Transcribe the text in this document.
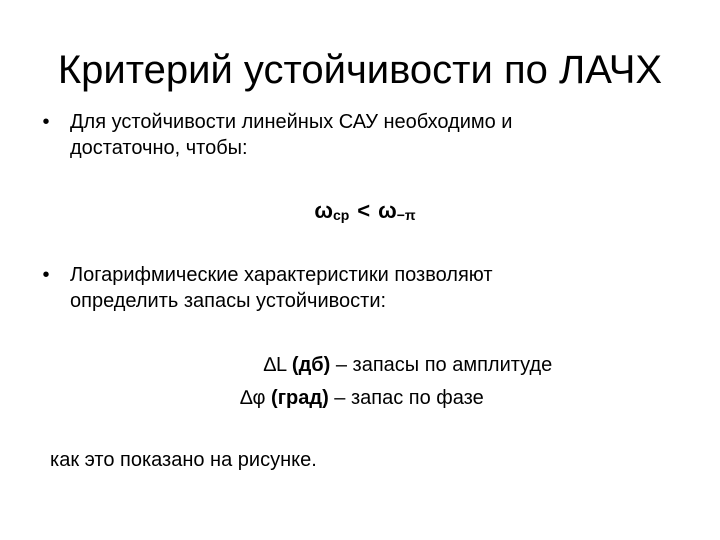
Критерий устойчивости по ЛАЧХ
•	Для устойчивости линейных САУ необходимо и
достаточно, чтобы:
$\omega_{ср} < \omega_{-\pi}$
•	Логарифмические характеристики позволяют
определить запасы устойчивости:
∆L (дб) – запасы по амплитуде
∆φ (град) – запас по фазе
как это показано на рисунке.
